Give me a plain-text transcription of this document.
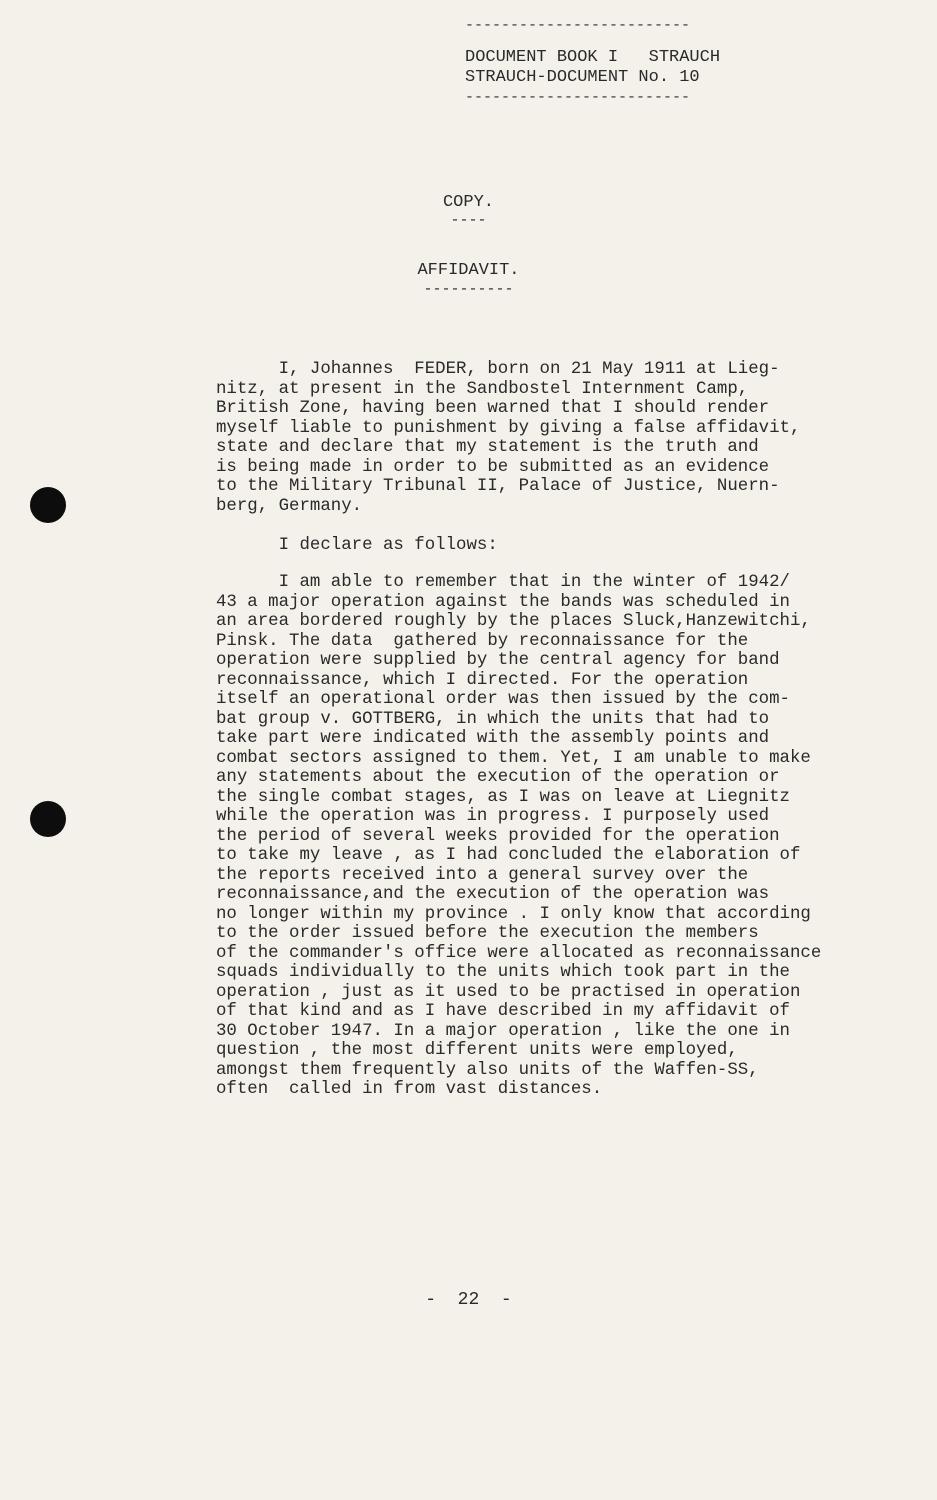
-------------------------
DOCUMENT BOOK I   STRAUCH
STRAUCH-DOCUMENT No. 10
-------------------------
COPY.
----
AFFIDAVIT.
----------
I, Johannes  FEDER, born on 21 May 1911 at Lieg-
nitz, at present in the Sandbostel Internment Camp,
British Zone, having been warned that I should render
myself liable to punishment by giving a false affidavit,
state and declare that my statement is the truth and
is being made in order to be submitted as an evidence
to the Military Tribunal II, Palace of Justice, Nuern-
berg, Germany.
I declare as follows:
I am able to remember that in the winter of 1942/
43 a major operation against the bands was scheduled in
an area bordered roughly by the places Sluck,Hanzewitchi,
Pinsk. The data  gathered by reconnaissance for the
operation were supplied by the central agency for band
reconnaissance, which I directed. For the operation
itself an operational order was then issued by the com-
bat group v. GOTTBERG, in which the units that had to
take part were indicated with the assembly points and
combat sectors assigned to them. Yet, I am unable to make
any statements about the execution of the operation or
the single combat stages, as I was on leave at Liegnitz
while the operation was in progress. I purposely used
the period of several weeks provided for the operation
to take my leave , as I had concluded the elaboration of
the reports received into a general survey over the
reconnaissance,and the execution of the operation was
no longer within my province . I only know that according
to the order issued before the execution the members
of the commander's office were allocated as reconnaissance
squads individually to the units which took part in the
operation , just as it used to be practised in operation
of that kind and as I have described in my affidavit of
30 October 1947. In a major operation , like the one in
question , the most different units were employed,
amongst them frequently also units of the Waffen-SS,
often  called in from vast distances.
-  22  -
